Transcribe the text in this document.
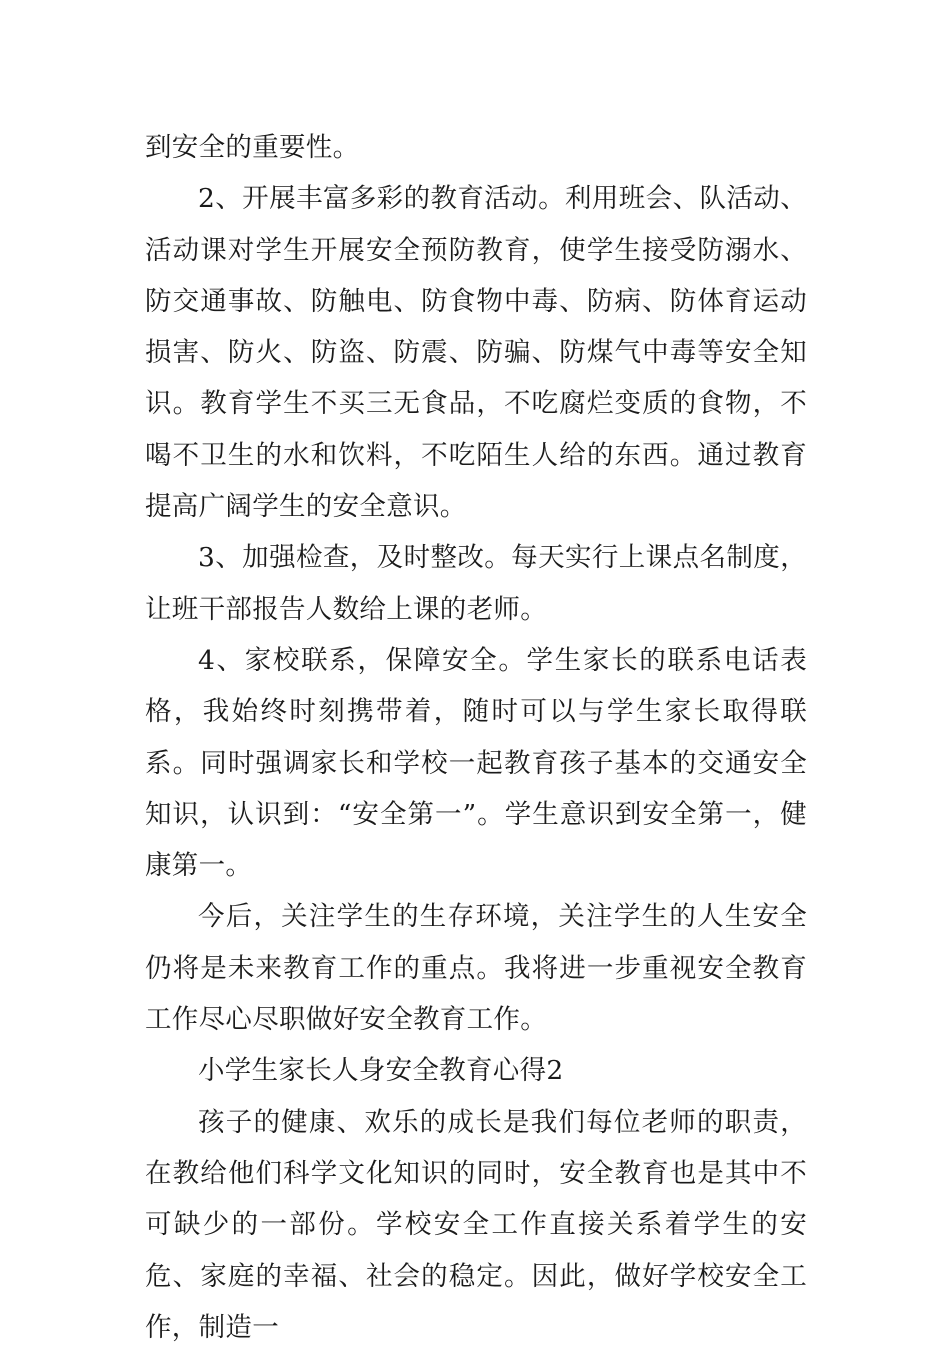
到安全的重要性。

2、开展丰富多彩的教育活动。利用班会、队活动、活动课对学生开展安全预防教育，使学生接受防溺水、防交通事故、防触电、防食物中毒、防病、防体育运动损害、防火、防盗、防震、防骗、防煤气中毒等安全知识。教育学生不买三无食品，不吃腐烂变质的食物，不喝不卫生的水和饮料，不吃陌生人给的东西。通过教育提高广阔学生的安全意识。

3、加强检查，及时整改。每天实行上课点名制度，让班干部报告人数给上课的老师。

4、家校联系，保障安全。学生家长的联系电话表格，我始终时刻携带着，随时可以与学生家长取得联系。同时强调家长和学校一起教育孩子基本的交通安全知识，认识到：“安全第一”。学生意识到安全第一，健康第一。

今后，关注学生的生存环境，关注学生的人生安全仍将是未来教育工作的重点。我将进一步重视安全教育工作尽心尽职做好安全教育工作。

小学生家长人身安全教育心得2

孩子的健康、欢乐的成长是我们每位老师的职责，在教给他们科学文化知识的同时，安全教育也是其中不可缺少的一部份。学校安全工作直接关系着学生的安危、家庭的幸福、社会的稳定。因此，做好学校安全工作，制造一
